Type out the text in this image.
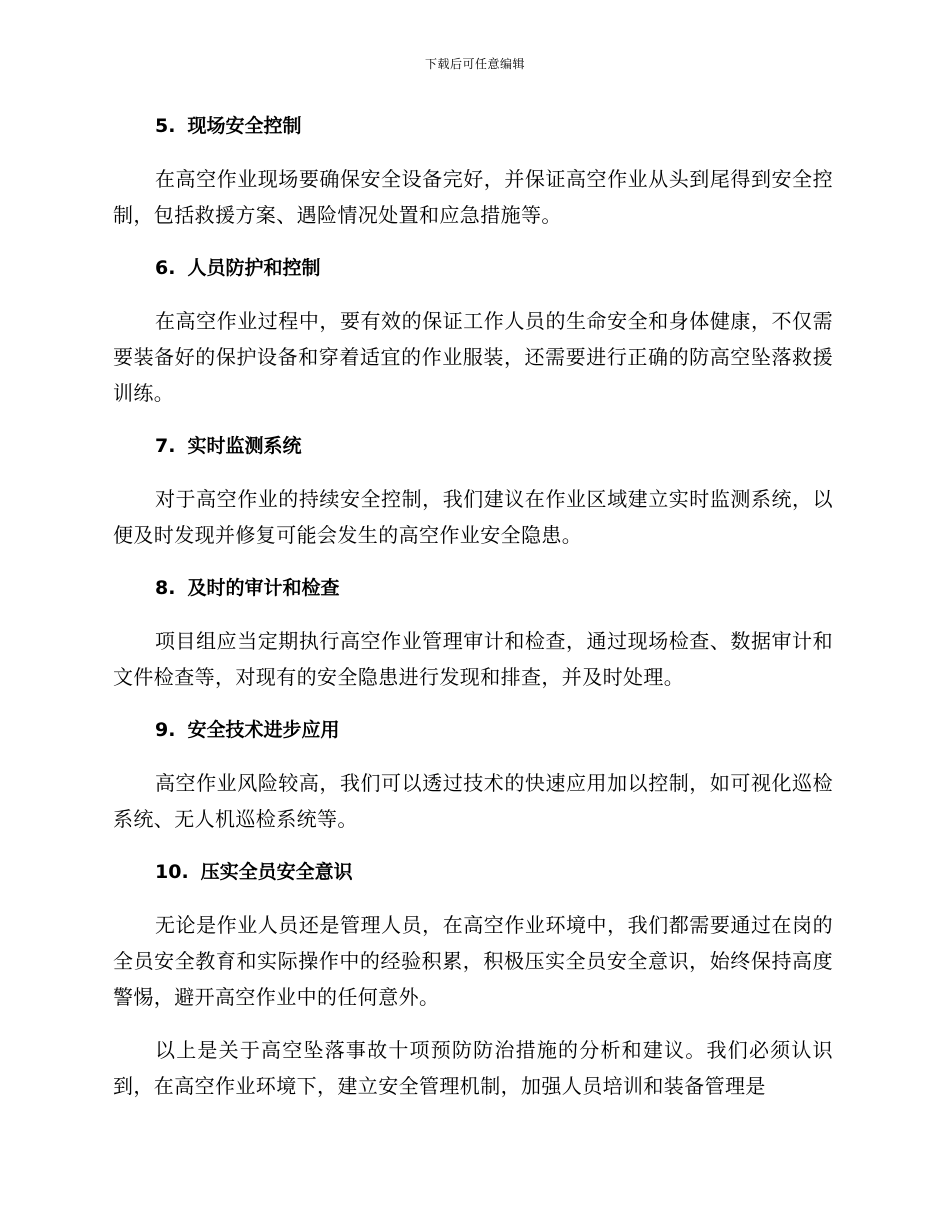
下载后可任意编辑
5. 现场安全控制

在高空作业现场要确保安全设备完好，并保证高空作业从头到尾得到安全控制，包括救援方案、遇险情况处置和应急措施等。

6. 人员防护和控制

在高空作业过程中，要有效的保证工作人员的生命安全和身体健康，不仅需要装备好的保护设备和穿着适宜的作业服装，还需要进行正确的防高空坠落救援训练。

7. 实时监测系统

对于高空作业的持续安全控制，我们建议在作业区域建立实时监测系统，以便及时发现并修复可能会发生的高空作业安全隐患。

8. 及时的审计和检查

项目组应当定期执行高空作业管理审计和检查，通过现场检查、数据审计和文件检查等，对现有的安全隐患进行发现和排查，并及时处理。

9. 安全技术进步应用

高空作业风险较高，我们可以透过技术的快速应用加以控制，如可视化巡检系统、无人机巡检系统等。

10. 压实全员安全意识

无论是作业人员还是管理人员，在高空作业环境中，我们都需要通过在岗的全员安全教育和实际操作中的经验积累，积极压实全员安全意识，始终保持高度警惕，避开高空作业中的任何意外。

以上是关于高空坠落事故十项预防防治措施的分析和建议。我们必须认识到，在高空作业环境下，建立安全管理机制，加强人员培训和装备管理是
